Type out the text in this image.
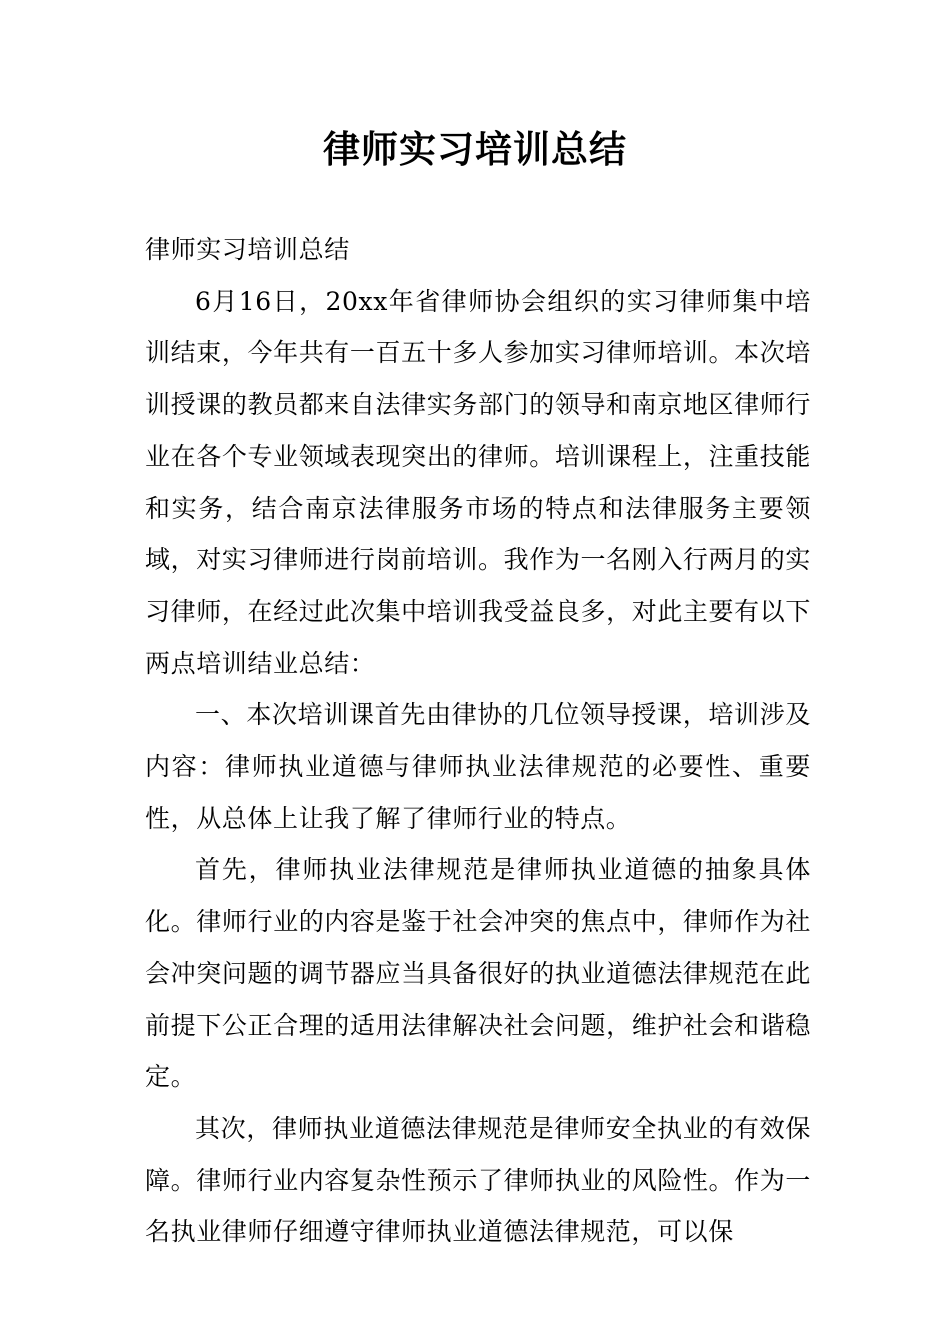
律师实习培训总结

律师实习培训总结

6月16日，20xx年省律师协会组织的实习律师集中培训结束，今年共有一百五十多人参加实习律师培训。本次培训授课的教员都来自法律实务部门的领导和南京地区律师行业在各个专业领域表现突出的律师。培训课程上，注重技能和实务，结合南京法律服务市场的特点和法律服务主要领域，对实习律师进行岗前培训。我作为一名刚入行两月的实习律师，在经过此次集中培训我受益良多，对此主要有以下两点培训结业总结：

一、本次培训课首先由律协的几位领导授课，培训涉及内容：律师执业道德与律师执业法律规范的必要性、重要性，从总体上让我了解了律师行业的特点。

首先，律师执业法律规范是律师执业道德的抽象具体化。律师行业的内容是鉴于社会冲突的焦点中，律师作为社会冲突问题的调节器应当具备很好的执业道德法律规范在此前提下公正合理的适用法律解决社会问题，维护社会和谐稳定。

其次，律师执业道德法律规范是律师安全执业的有效保障。律师行业内容复杂性预示了律师执业的风险性。作为一名执业律师仔细遵守律师执业道德法律规范，可以保
